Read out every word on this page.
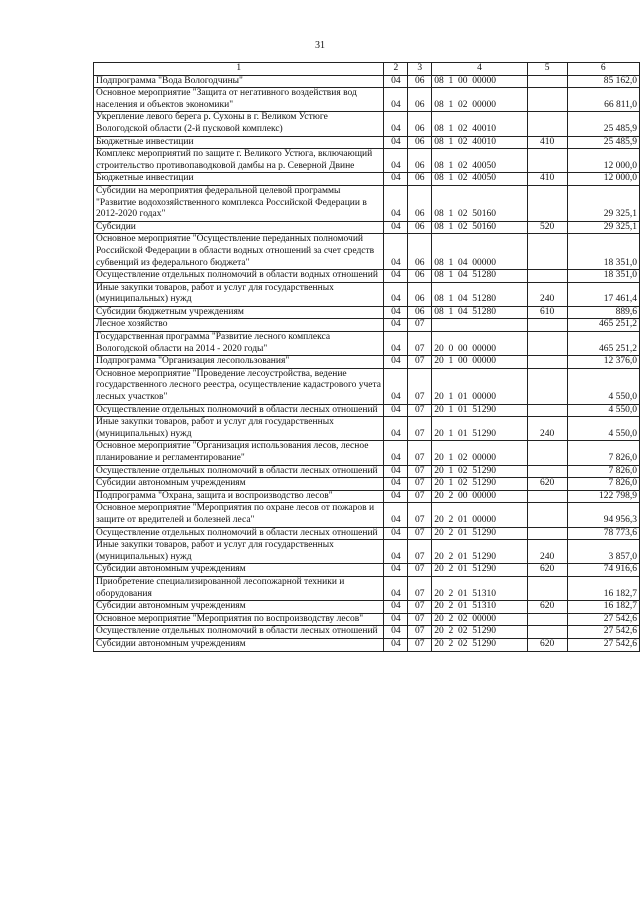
31
1	2	3	4	5	6
Подпрограмма "Вода Вологодчины"	04	06	08  1  00  00000		85 162,0
Основное мероприятие "Защита от негативного воздействия вод населения и объектов экономики"	04	06	08  1  02  00000		66 811,0
Укрепление левого берега р. Сухоны в г. Великом Устюге Вологодской области (2-й пусковой комплекс)	04	06	08  1  02  40010		25 485,9
Бюджетные инвестиции	04	06	08  1  02  40010	410	25 485,9
Комплекс мероприятий по защите г. Великого Устюга, включающий строительство противопаводковой дамбы на р. Северной Двине	04	06	08  1  02  40050		12 000,0
Бюджетные инвестиции	04	06	08  1  02  40050	410	12 000,0
Субсидии на мероприятия федеральной целевой программы "Развитие водохозяйственного комплекса Российской Федерации в 2012-2020 годах"	04	06	08  1  02  50160		29 325,1
Субсидии	04	06	08  1  02  50160	520	29 325,1
Основное мероприятие "Осуществление переданных полномочий Российской Федерации в области водных отношений за счет средств субвенций из федерального бюджета"	04	06	08  1  04  00000		18 351,0
Осуществление отдельных полномочий в области водных отношений	04	06	08  1  04  51280		18 351,0
Иные закупки товаров, работ и услуг для государственных (муниципальных) нужд	04	06	08  1  04  51280	240	17 461,4
Субсидии бюджетным учреждениям	04	06	08  1  04  51280	610	889,6
Лесное хозяйство	04	07			465 251,2
Государственная программа "Развитие лесного комплекса Вологодской области на 2014 - 2020 годы"	04	07	20  0  00  00000		465 251,2
Подпрограмма "Организация лесопользования"	04	07	20  1  00  00000		12 376,0
Основное мероприятие "Проведение лесоустройства, ведение государственного лесного реестра, осуществление кадастрового учета лесных участков"	04	07	20  1  01  00000		4 550,0
Осуществление отдельных полномочий в области лесных отношений	04	07	20  1  01  51290		4 550,0
Иные закупки товаров, работ и услуг для государственных (муниципальных) нужд	04	07	20  1  01  51290	240	4 550,0
Основное мероприятие "Организация использования лесов, лесное планирование и регламентирование"	04	07	20  1  02  00000		7 826,0
Осуществление отдельных полномочий в области лесных отношений	04	07	20  1  02  51290		7 826,0
Субсидии автономным учреждениям	04	07	20  1  02  51290	620	7 826,0
Подпрограмма "Охрана, защита и воспроизводство лесов"	04	07	20  2  00  00000		122 798,9
Основное мероприятие "Мероприятия по охране лесов от пожаров и защите от вредителей и болезней леса"	04	07	20  2  01  00000		94 956,3
Осуществление отдельных полномочий в области лесных отношений	04	07	20  2  01  51290		78 773,6
Иные закупки товаров, работ и услуг для государственных (муниципальных) нужд	04	07	20  2  01  51290	240	3 857,0
Субсидии автономным учреждениям	04	07	20  2  01  51290	620	74 916,6
Приобретение специализированной лесопожарной техники и оборудования	04	07	20  2  01  51310		16 182,7
Субсидии автономным учреждениям	04	07	20  2  01  51310	620	16 182,7
Основное мероприятие "Мероприятия по воспроизводству лесов"	04	07	20  2  02  00000		27 542,6
Осуществление отдельных полномочий в области лесных отношений	04	07	20  2  02  51290		27 542,6
Субсидии автономным учреждениям	04	07	20  2  02  51290	620	27 542,6
